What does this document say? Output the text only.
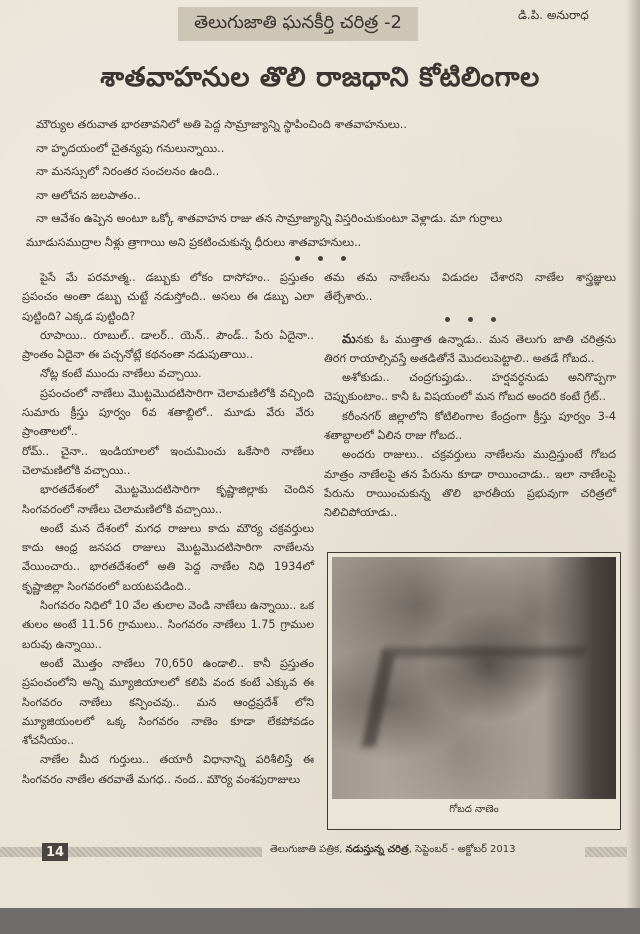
తెలుగుజాతి ఘనకీర్తి చరిత్ర -2	డి.పి. అనురాధ
శాతవాహనుల తొలి రాజధాని కోటిలింగాల

మౌర్యుల తరువాత భారతావనిలో అతి పెద్ద సామ్రాజ్యాన్ని స్థాపించింది శాతవాహనులు..

నా హృదయంలో చైతన్యపు గనులున్నాయి..

నా మనస్సులో నిరంతర సంచలనం ఉంది..

నా ఆలోచన జలపాతం..

నా ఆవేశం ఉప్పెన అంటూ ఒక్కో శాతవాహన రాజు తన సామ్రాజ్యాన్ని విస్తరించుకుంటూ వెళ్లాడు. మా గుర్రాలు

మూడుసముద్రాల నీళ్లు త్రాగాయి అని ప్రకటించుకున్న ధీరులు శాతవాహనులు..

పైసే మే పరమాత్మ.. డబ్బుకు లోకం దాసోహం.. ప్రస్తుతం ప్రపంచం అంతా డబ్బు చుట్టే నడుస్తోంది.. అసలు ఈ డబ్బు ఎలా పుట్టింది? ఎక్కడ పుట్టింది?

రూపాయి.. రూబుల్.. డాలర్.. యెన్.. పౌండ్.. పేరు ఏదైనా.. ప్రాంతం ఏదైనా ఈ పచ్చనోట్లే కథనంతా నడుపుతాయి..

నోట్ల కంటే ముందు నాణేలు వచ్చాయి.

ప్రపంచంలో నాణేలు మొట్టమొదటిసారిగా చెలామణిలోకి వచ్చింది సుమారు క్రీస్తు పూర్వం 6వ శతాబ్దిలో.. మూడు వేరు వేరు ప్రాంతాలలో..

రోమ్.. చైనా.. ఇండియాలలో ఇంచుమించు ఒకేసారి నాణేలు చెలామణిలోకి వచ్చాయి..

భారతదేశంలో మొట్టమొదటిసారిగా కృష్ణాజిల్లాకు చెందిన సింగవరంలో నాణేలు చెలామణిలోకి వచ్చాయి..

అంటే మన దేశంలో మగధ రాజులు కాదు మౌర్య చక్రవర్తులు కాదు ఆంధ్ర జనపద రాజులు మొట్టమొదటిసారిగా నాణేలను వేయించారు.. భారతదేశంలో అతి పెద్ద నాణేల నిధి 1934లో కృష్ణాజిల్లా సింగవరంలో బయటపడింది..

సింగవరం నిధిలో 10 వేల తులాల వెండి నాణేలు ఉన్నాయి.. ఒక తులం అంటే 11.56 గ్రాములు.. సింగవరం నాణేలు 1.75 గ్రాముల బరువు ఉన్నాయి..

అంటే మొత్తం నాణేలు 70,650 ఉండాలి.. కానీ ప్రస్తుతం ప్రపంచంలోని అన్ని మ్యూజియాలలో కలిపి వంద కంటే ఎక్కువ ఈ సింగవరం నాణేలు కన్పించవు.. మన ఆంధ్రప్రదేశ్ లోని మ్యూజియంలలో ఒక్క సింగవరం నాణెం కూడా లేకపోవడం శోచనీయం..

నాణేల మీద గుర్తులు.. తయారీ విధానాన్ని పరిశీలిస్తే ఈ సింగవరం నాణేల తరవాతే మగధ.. నంద.. మౌర్య వంశపురాజులు

తమ తమ నాణేలను విడుదల చేశారని నాణేల శాస్త్రజ్ఞులు తేల్చేశారు..

మనకు ఓ ముత్తాత ఉన్నాడు.. మన తెలుగు జాతి చరిత్రను తిరగ రాయాల్సివస్తే అతడితోనే మొదలుపెట్టాలి.. అతడే గోబద..

అశోకుడు.. చంద్రగుప్తుడు.. హర్షవర్ధనుడు అనిగొప్పగా చెప్పుకుంటాం.. కానీ ఓ విషయంలో మన గోబద అందరి కంటే గ్రేట్..

కరీంనగర్ జిల్లాలోని కోటిలింగాల కేంద్రంగా క్రీస్తు పూర్వం 3-4 శతాబ్దాలలో ఏలిన రాజు గోబద..

అందరు రాజులు.. చక్రవర్తులు నాణేలను ముద్రిస్తుంటే గోబద మాత్రం నాణేలపై తన పేరును కూడా రాయించాడు.. ఇలా నాణేలపై పేరును రాయించుకున్న తొలి భారతీయ ప్రభువుగా చరిత్రలో నిలిచిపోయాడు..

గోబద నాణెం
14	తెలుగుజాతి పత్రిక, నడుస్తున్న చరిత్ర, సెప్టెంబర్ - అక్టోబర్ 2013
